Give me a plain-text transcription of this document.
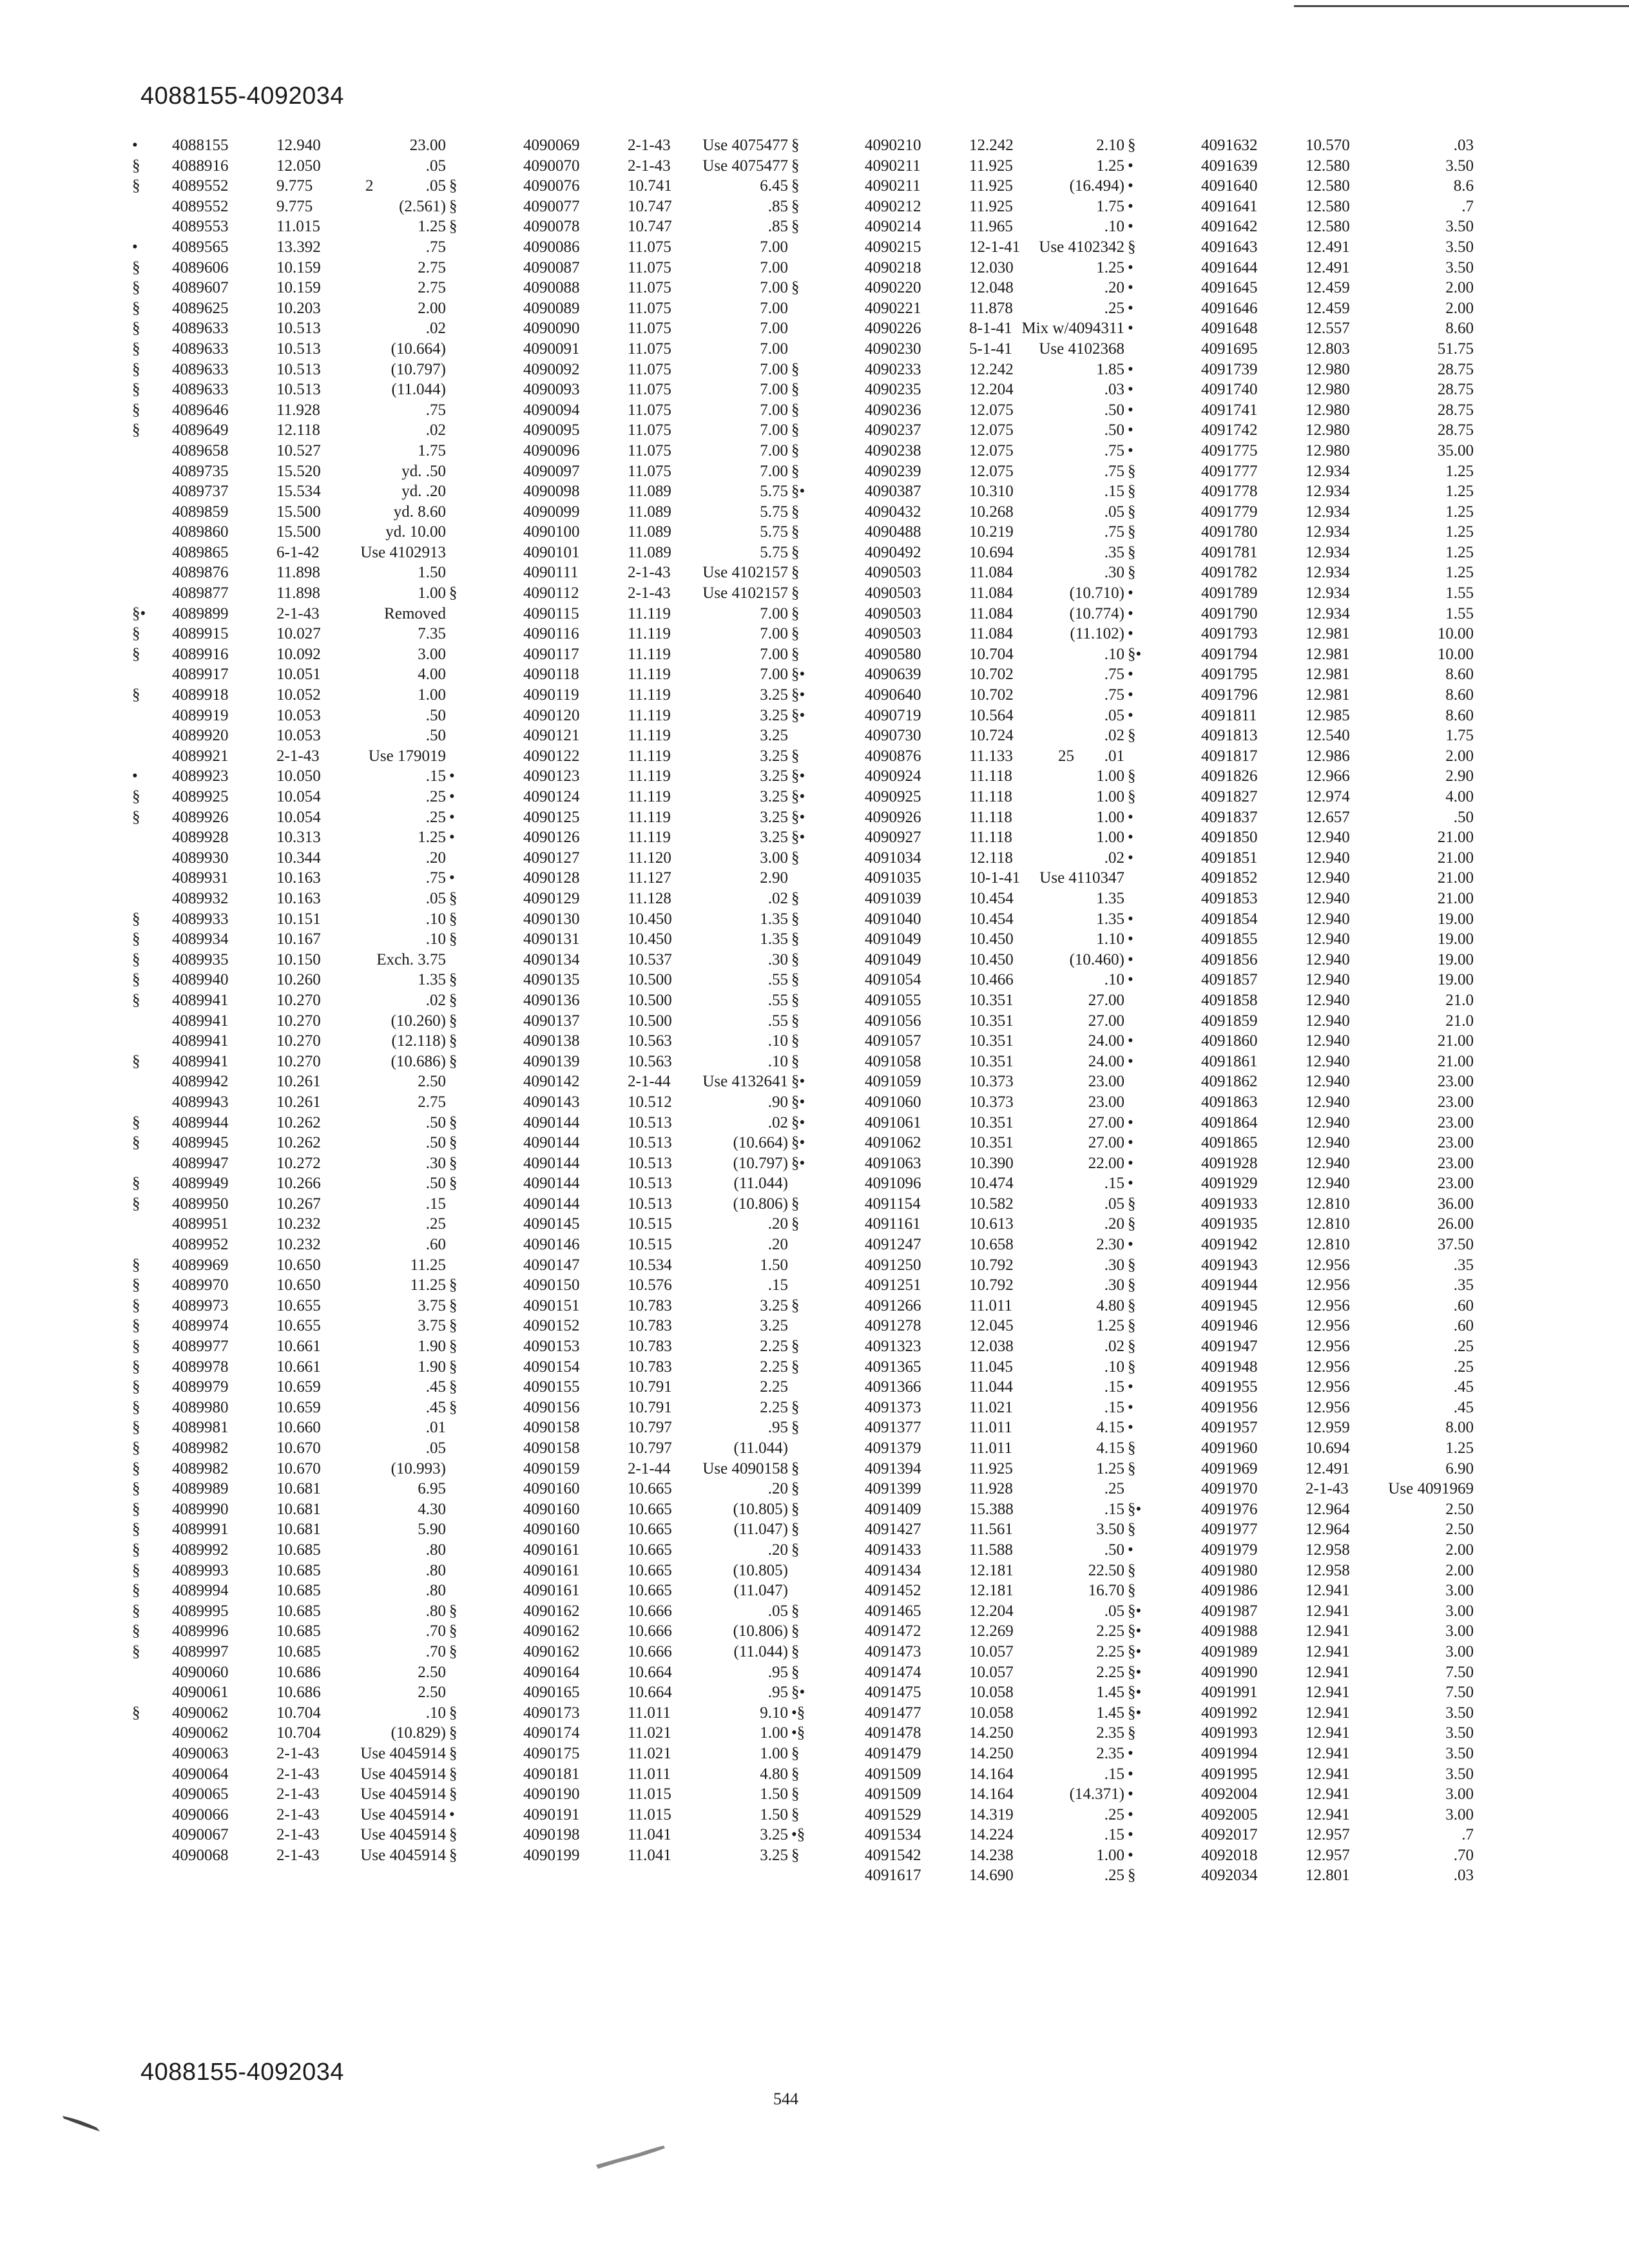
4088155-4092034
•	4088155	12.940	23.00
§	4088916	12.050	.05
§	4089552	9.775	2	.05 §
4089552	9.775	(2.561) §
4089553	11.015	1.25 §
•	4089565	13.392	.75
§	4089606	10.159	2.75
§	4089607	10.159	2.75
§	4089625	10.203	2.00
§	4089633	10.513	.02
§	4089633	10.513	(10.664)
§	4089633	10.513	(10.797)
§	4089633	10.513	(11.044)
§	4089646	11.928	.75
§	4089649	12.118	.02
4089658	10.527	1.75
4089735	15.520	yd. .50
4089737	15.534	yd. .20
4089859	15.500	yd. 8.60
4089860	15.500	yd. 10.00
4089865	6-1-42	Use 4102913
4089876	11.898	1.50
4089877	11.898	1.00 §
§•	4089899	2-1-43	Removed
§	4089915	10.027	7.35
§	4089916	10.092	3.00
4089917	10.051	4.00
§	4089918	10.052	1.00
4089919	10.053	.50
4089920	10.053	.50
4089921	2-1-43	Use 179019
•	4089923	10.050	.15 •
§	4089925	10.054	.25 •
§	4089926	10.054	.25 •
4089928	10.313	1.25 •
4089930	10.344	.20
4089931	10.163	.75 •
4089932	10.163	.05 §
§	4089933	10.151	.10 §
§	4089934	10.167	.10 §
§	4089935	10.150	Exch. 3.75
§	4089940	10.260	1.35 §
§	4089941	10.270	.02 §
4089941	10.270	(10.260) §
4089941	10.270	(12.118) §
§	4089941	10.270	(10.686) §
4089942	10.261	2.50
4089943	10.261	2.75
§	4089944	10.262	.50 §
§	4089945	10.262	.50 §
4089947	10.272	.30 §
§	4089949	10.266	.50 §
§	4089950	10.267	.15
4089951	10.232	.25
4089952	10.232	.60
§	4089969	10.650	11.25
§	4089970	10.650	11.25 §
§	4089973	10.655	3.75 §
§	4089974	10.655	3.75 §
§	4089977	10.661	1.90 §
§	4089978	10.661	1.90 §
§	4089979	10.659	.45 §
§	4089980	10.659	.45 §
§	4089981	10.660	.01
§	4089982	10.670	.05
§	4089982	10.670	(10.993)
§	4089989	10.681	6.95
§	4089990	10.681	4.30
§	4089991	10.681	5.90
§	4089992	10.685	.80
§	4089993	10.685	.80
§	4089994	10.685	.80
§	4089995	10.685	.80 §
§	4089996	10.685	.70 §
§	4089997	10.685	.70 §
4090060	10.686	2.50
4090061	10.686	2.50
§	4090062	10.704	.10 §
4090062	10.704	(10.829) §
4090063	2-1-43	Use 4045914 §
4090064	2-1-43	Use 4045914 §
4090065	2-1-43	Use 4045914 §
4090066	2-1-43	Use 4045914 •
4090067	2-1-43	Use 4045914 §
4090068	2-1-43	Use 4045914 §
4090069	2-1-43	Use 4075477 §
4090070	2-1-43	Use 4075477 §
4090076	10.741	6.45 §
4090077	10.747	.85 §
4090078	10.747	.85 §
4090086	11.075	7.00
4090087	11.075	7.00
4090088	11.075	7.00 §
4090089	11.075	7.00
4090090	11.075	7.00
4090091	11.075	7.00
4090092	11.075	7.00 §
4090093	11.075	7.00 §
4090094	11.075	7.00 §
4090095	11.075	7.00 §
4090096	11.075	7.00 §
4090097	11.075	7.00 §
4090098	11.089	5.75 §•
4090099	11.089	5.75 §
4090100	11.089	5.75 §
4090101	11.089	5.75 §
4090111	2-1-43	Use 4102157 §
4090112	2-1-43	Use 4102157 §
4090115	11.119	7.00 §
4090116	11.119	7.00 §
4090117	11.119	7.00 §
4090118	11.119	7.00 §•
4090119	11.119	3.25 §•
4090120	11.119	3.25 §•
4090121	11.119	3.25
4090122	11.119	3.25 §
4090123	11.119	3.25 §•
4090124	11.119	3.25 §•
4090125	11.119	3.25 §•
4090126	11.119	3.25 §•
4090127	11.120	3.00 §
4090128	11.127	2.90
4090129	11.128	.02 §
4090130	10.450	1.35 §
4090131	10.450	1.35 §
4090134	10.537	.30 §
4090135	10.500	.55 §
4090136	10.500	.55 §
4090137	10.500	.55 §
4090138	10.563	.10 §
4090139	10.563	.10 §
4090142	2-1-44	Use 4132641 §•
4090143	10.512	.90 §•
4090144	10.513	.02 §•
4090144	10.513	(10.664) §•
4090144	10.513	(10.797) §•
4090144	10.513	(11.044)
4090144	10.513	(10.806) §
4090145	10.515	.20 §
4090146	10.515	.20
4090147	10.534	1.50
4090150	10.576	.15
4090151	10.783	3.25 §
4090152	10.783	3.25
4090153	10.783	2.25 §
4090154	10.783	2.25 §
4090155	10.791	2.25
4090156	10.791	2.25 §
4090158	10.797	.95 §
4090158	10.797	(11.044)
4090159	2-1-44	Use 4090158 §
4090160	10.665	.20 §
4090160	10.665	(10.805) §
4090160	10.665	(11.047) §
4090161	10.665	.20 §
4090161	10.665	(10.805)
4090161	10.665	(11.047)
4090162	10.666	.05 §
4090162	10.666	(10.806) §
4090162	10.666	(11.044) §
4090164	10.664	.95 §
4090165	10.664	.95 §•
4090173	11.011	9.10 •§
4090174	11.021	1.00 •§
4090175	11.021	1.00 §
4090181	11.011	4.80 §
4090190	11.015	1.50 §
4090191	11.015	1.50 §
4090198	11.041	3.25 •§
4090199	11.041	3.25 §
4090210	12.242	2.10 §
4090211	11.925	1.25 •
4090211	11.925	(16.494) •
4090212	11.925	1.75 •
4090214	11.965	.10 •
4090215	12-1-41	Use 4102342 §
4090218	12.030	1.25 •
4090220	12.048	.20 •
4090221	11.878	.25 •
4090226	8-1-41 Mix w/4094311 •
4090230	5-1-41	Use 4102368
4090233	12.242	1.85 •
4090235	12.204	.03 •
4090236	12.075	.50 •
4090237	12.075	.50 •
4090238	12.075	.75 •
4090239	12.075	.75 §
4090387	10.310	.15 §
4090432	10.268	.05 §
4090488	10.219	.75 §
4090492	10.694	.35 §
4090503	11.084	.30 §
4090503	11.084	(10.710) •
4090503	11.084	(10.774) •
4090503	11.084	(11.102) •
4090580	10.704	.10 §•
4090639	10.702	.75 •
4090640	10.702	.75 •
4090719	10.564	.05 •
4090730	10.724	.02 §
4090876	11.133	25	.01
4090924	11.118	1.00 §
4090925	11.118	1.00 §
4090926	11.118	1.00 •
4090927	11.118	1.00 •
4091034	12.118	.02 •
4091035	10-1-41	Use 4110347
4091039	10.454	1.35
4091040	10.454	1.35 •
4091049	10.450	1.10 •
4091049	10.450	(10.460) •
4091054	10.466	.10 •
4091055	10.351	27.00
4091056	10.351	27.00
4091057	10.351	24.00 •
4091058	10.351	24.00 •
4091059	10.373	23.00
4091060	10.373	23.00
4091061	10.351	27.00 •
4091062	10.351	27.00 •
4091063	10.390	22.00 •
4091096	10.474	.15 •
4091154	10.582	.05 §
4091161	10.613	.20 §
4091247	10.658	2.30 •
4091250	10.792	.30 §
4091251	10.792	.30 §
4091266	11.011	4.80 §
4091278	12.045	1.25 §
4091323	12.038	.02 §
4091365	11.045	.10 §
4091366	11.044	.15 •
4091373	11.021	.15 •
4091377	11.011	4.15 •
4091379	11.011	4.15 §
4091394	11.925	1.25 §
4091399	11.928	.25
4091409	15.388	.15 §•
4091427	11.561	3.50 §
4091433	11.588	.50 •
4091434	12.181	22.50 §
4091452	12.181	16.70 §
4091465	12.204	.05 §•
4091472	12.269	2.25 §•
4091473	10.057	2.25 §•
4091474	10.057	2.25 §•
4091475	10.058	1.45 §•
4091477	10.058	1.45 §•
4091478	14.250	2.35 §
4091479	14.250	2.35 •
4091509	14.164	.15 •
4091509	14.164	(14.371) •
4091529	14.319	.25 •
4091534	14.224	.15 •
4091542	14.238	1.00 •
4091617	14.690	.25 §
4091632	10.570	.03
4091639	12.580	3.50
4091640	12.580	8.6
4091641	12.580	.7
4091642	12.580	3.50
4091643	12.491	3.50
4091644	12.491	3.50
4091645	12.459	2.00
4091646	12.459	2.00
4091648	12.557	8.60
4091695	12.803	51.75
4091739	12.980	28.75
4091740	12.980	28.75
4091741	12.980	28.75
4091742	12.980	28.75
4091775	12.980	35.00
4091777	12.934	1.25
4091778	12.934	1.25
4091779	12.934	1.25
4091780	12.934	1.25
4091781	12.934	1.25
4091782	12.934	1.25
4091789	12.934	1.55
4091790	12.934	1.55
4091793	12.981	10.00
4091794	12.981	10.00
4091795	12.981	8.60
4091796	12.981	8.60
4091811	12.985	8.60
4091813	12.540	1.75
4091817	12.986	2.00
4091826	12.966	2.90
4091827	12.974	4.00
4091837	12.657	.50
4091850	12.940	21.00
4091851	12.940	21.00
4091852	12.940	21.00
4091853	12.940	21.00
4091854	12.940	19.00
4091855	12.940	19.00
4091856	12.940	19.00
4091857	12.940	19.00
4091858	12.940	21.0
4091859	12.940	21.0
4091860	12.940	21.00
4091861	12.940	21.00
4091862	12.940	23.00
4091863	12.940	23.00
4091864	12.940	23.00
4091865	12.940	23.00
4091928	12.940	23.00
4091929	12.940	23.00
4091933	12.810	36.00
4091935	12.810	26.00
4091942	12.810	37.50
4091943	12.956	.35
4091944	12.956	.35
4091945	12.956	.60
4091946	12.956	.60
4091947	12.956	.25
4091948	12.956	.25
4091955	12.956	.45
4091956	12.956	.45
4091957	12.959	8.00
4091960	10.694	1.25
4091969	12.491	6.90
4091970	2-1-43	Use 4091969
4091976	12.964	2.50
4091977	12.964	2.50
4091979	12.958	2.00
4091980	12.958	2.00
4091986	12.941	3.00
4091987	12.941	3.00
4091988	12.941	3.00
4091989	12.941	3.00
4091990	12.941	7.50
4091991	12.941	7.50
4091992	12.941	3.50
4091993	12.941	3.50
4091994	12.941	3.50
4091995	12.941	3.50
4092004	12.941	3.00
4092005	12.941	3.00
4092017	12.957	.7
4092018	12.957	.70
4092034	12.801	.03
4088155-4092034
544
